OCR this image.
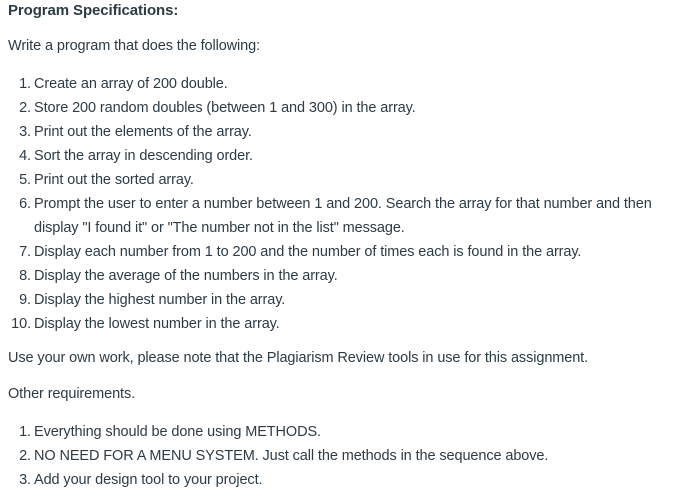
Program Specifications:
Write a program that does the following:
1. Create an array of 200 double.
2. Store 200 random doubles (between 1 and 300) in the array.
3. Print out the elements of the array.
4. Sort the array in descending order.
5. Print out the sorted array.
6. Prompt the user to enter a number between 1 and 200. Search the array for that number and then display "I found it" or "The number not in the list" message.
7. Display each number from 1 to 200 and the number of times each is found in the array.
8. Display the average of the numbers in the array.
9. Display the highest number in the array.
10. Display the lowest number in the array.
Use your own work, please note that the Plagiarism Review tools in use for this assignment.
Other requirements.
1. Everything should be done using METHODS.
2. NO NEED FOR A MENU SYSTEM. Just call the methods in the sequence above.
3. Add your design tool to your project.
